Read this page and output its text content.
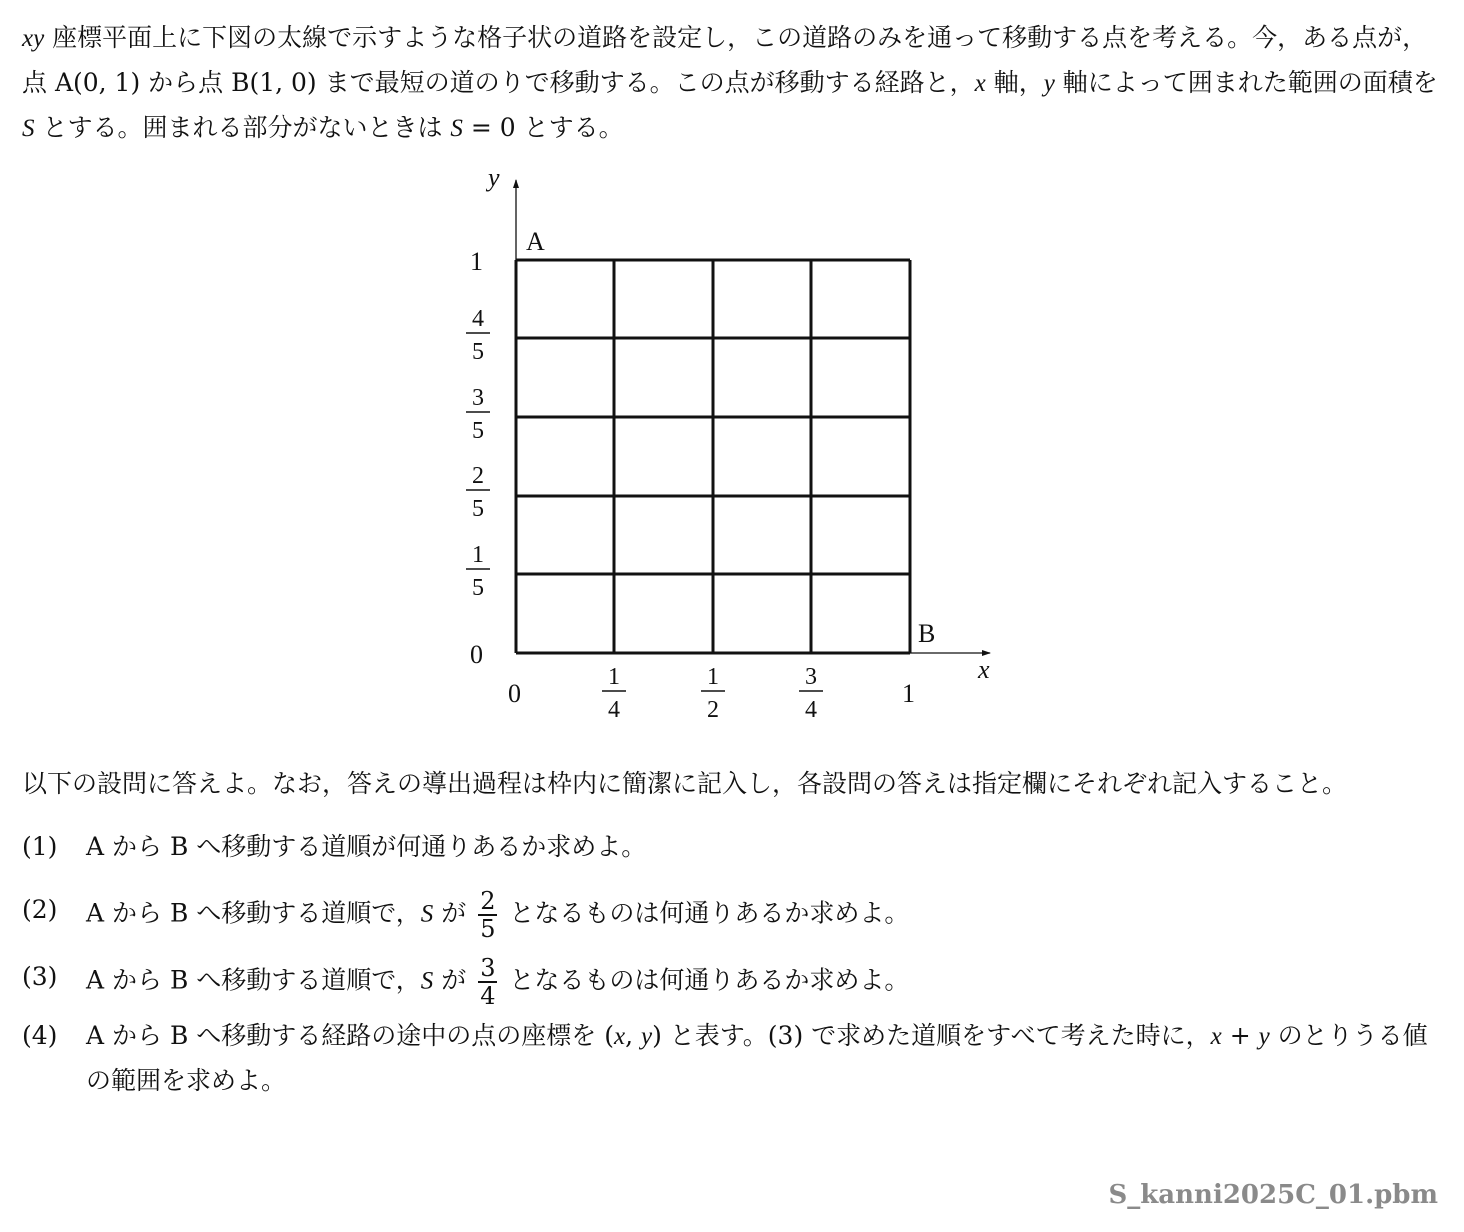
xy 座標平面上に下図の太線で示すような格子状の道路を設定し，この道路のみを通って移動する点を考える。今，ある点が，点 A(0, 1) から点 B(1, 0) まで最短の道のりで移動する。この点が移動する経路と，x 軸，y 軸によって囲まれた範囲の面積を S とする。囲まれる部分がないときは S = 0 とする。

A
B
x
y
0
0
1
1
1
4
1
2
3
4
1
5
2
5
3
5
4
5

以下の設問に答えよ。なお，答えの導出過程は枠内に簡潔に記入し，各設問の答えは指定欄にそれぞれ記入すること。

(1) A から B へ移動する道順が何通りあるか求めよ。
(2) A から B へ移動する道順で，S が $\frac{2}{5}$ となるものは何通りあるか求めよ。
(3) A から B へ移動する道順で，S が $\frac{3}{4}$ となるものは何通りあるか求めよ。
(4) A から B へ移動する経路の途中の点の座標を (x, y) と表す。(3) で求めた道順をすべて考えた時に，x + y のとりうる値の範囲を求めよ。
S_kanni2025C_01.pbm
